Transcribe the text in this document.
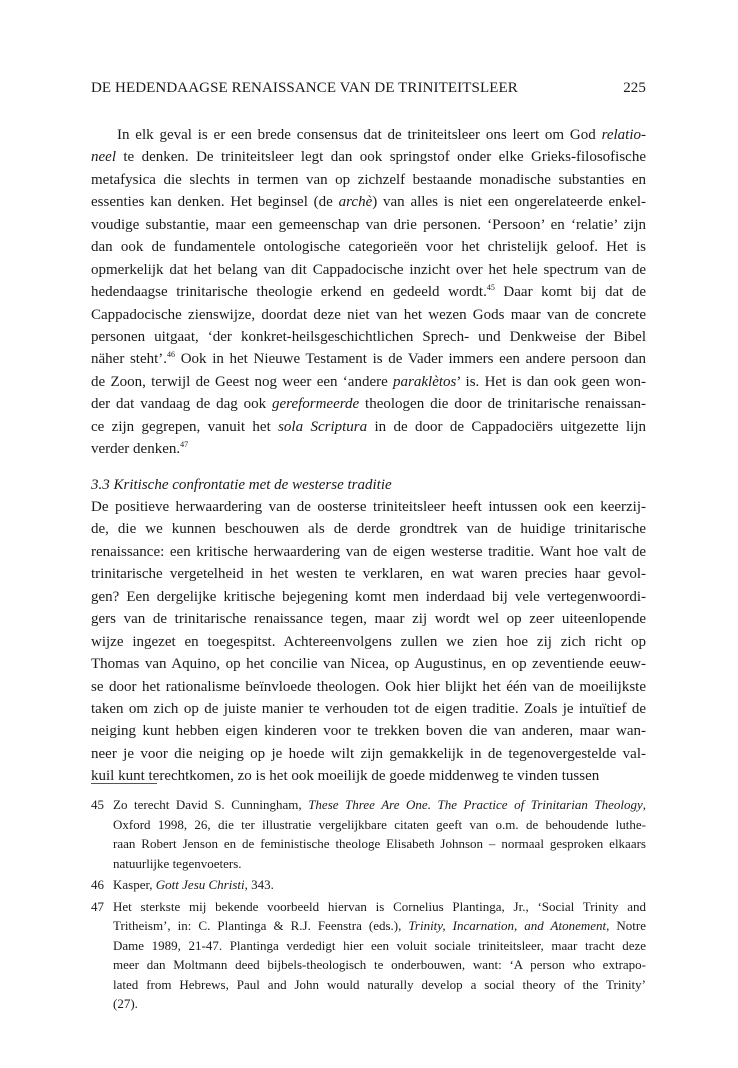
DE HEDENDAAGSE RENAISSANCE VAN DE TRINITEITSLEER	225
In elk geval is er een brede consensus dat de triniteitsleer ons leert om God relatio-
neel te denken. De triniteitsleer legt dan ook springstof onder elke Grieks-filosofische
metafysica die slechts in termen van op zichzelf bestaande monadische substanties en
essenties kan denken. Het beginsel (de archè) van alles is niet een ongerelateerde enkel-
voudige substantie, maar een gemeenschap van drie personen. ‘Persoon’ en ‘relatie’ zijn
dan ook de fundamentele ontologische categorieën voor het christelijk geloof. Het is
opmerkelijk dat het belang van dit Cappadocische inzicht over het hele spectrum van de
hedendaagse trinitarische theologie erkend en gedeeld wordt.$^{45}$ Daar komt bij dat de
Cappadocische zienswijze, doordat deze niet van het wezen Gods maar van de concrete
personen uitgaat, ‘der konkret-heilsgeschichtlichen Sprech- und Denkweise der Bibel
näher steht’.$^{46}$ Ook in het Nieuwe Testament is de Vader immers een andere persoon dan
de Zoon, terwijl de Geest nog weer een ‘andere paraklètos’ is. Het is dan ook geen won-
der dat vandaag de dag ook gereformeerde theologen die door de trinitarische renaissan-
ce zijn gegrepen, vanuit het sola Scriptura in de door de Cappadociërs uitgezette lijn
verder denken.$^{47}$
3.3 Kritische confrontatie met de westerse traditie
De positieve herwaardering van de oosterse triniteitsleer heeft intussen ook een keerzij-
de, die we kunnen beschouwen als de derde grondtrek van de huidige trinitarische
renaissance: een kritische herwaardering van de eigen westerse traditie. Want hoe valt de
trinitarische vergetelheid in het westen te verklaren, en wat waren precies haar gevol-
gen? Een dergelijke kritische bejegening komt men inderdaad bij vele vertegenwoordi-
gers van de trinitarische renaissance tegen, maar zij wordt wel op zeer uiteenlopende
wijze ingezet en toegespitst. Achtereenvolgens zullen we zien hoe zij zich richt op
Thomas van Aquino, op het concilie van Nicea, op Augustinus, en op zeventiende eeuw-
se door het rationalisme beïnvloede theologen. Ook hier blijkt het één van de moeilijkste
taken om zich op de juiste manier te verhouden tot de eigen traditie. Zoals je intuïtief de
neiging kunt hebben eigen kinderen voor te trekken boven die van anderen, maar wan-
neer je voor die neiging op je hoede wilt zijn gemakkelijk in de tegenovergestelde val-
kuil kunt terechtkomen, zo is het ook moeilijk de goede middenweg te vinden tussen
45 Zo terecht David S. Cunningham, These Three Are One. The Practice of Trinitarian Theology,
Oxford 1998, 26, die ter illustratie vergelijkbare citaten geeft van o.m. de behoudende luthe-
raan Robert Jenson en de feministische theologe Elisabeth Johnson – normaal gesproken elkaars
natuurlijke tegenvoeters.
46 Kasper, Gott Jesu Christi, 343.
47 Het sterkste mij bekende voorbeeld hiervan is Cornelius Plantinga, Jr., ‘Social Trinity and
Tritheism’, in: C. Plantinga & R.J. Feenstra (eds.), Trinity, Incarnation, and Atonement, Notre
Dame 1989, 21-47. Plantinga verdedigt hier een voluit sociale triniteitsleer, maar tracht deze
meer dan Moltmann deed bijbels-theologisch te onderbouwen, want: ‘A person who extrapo-
lated from Hebrews, Paul and John would naturally develop a social theory of the Trinity’
(27).
